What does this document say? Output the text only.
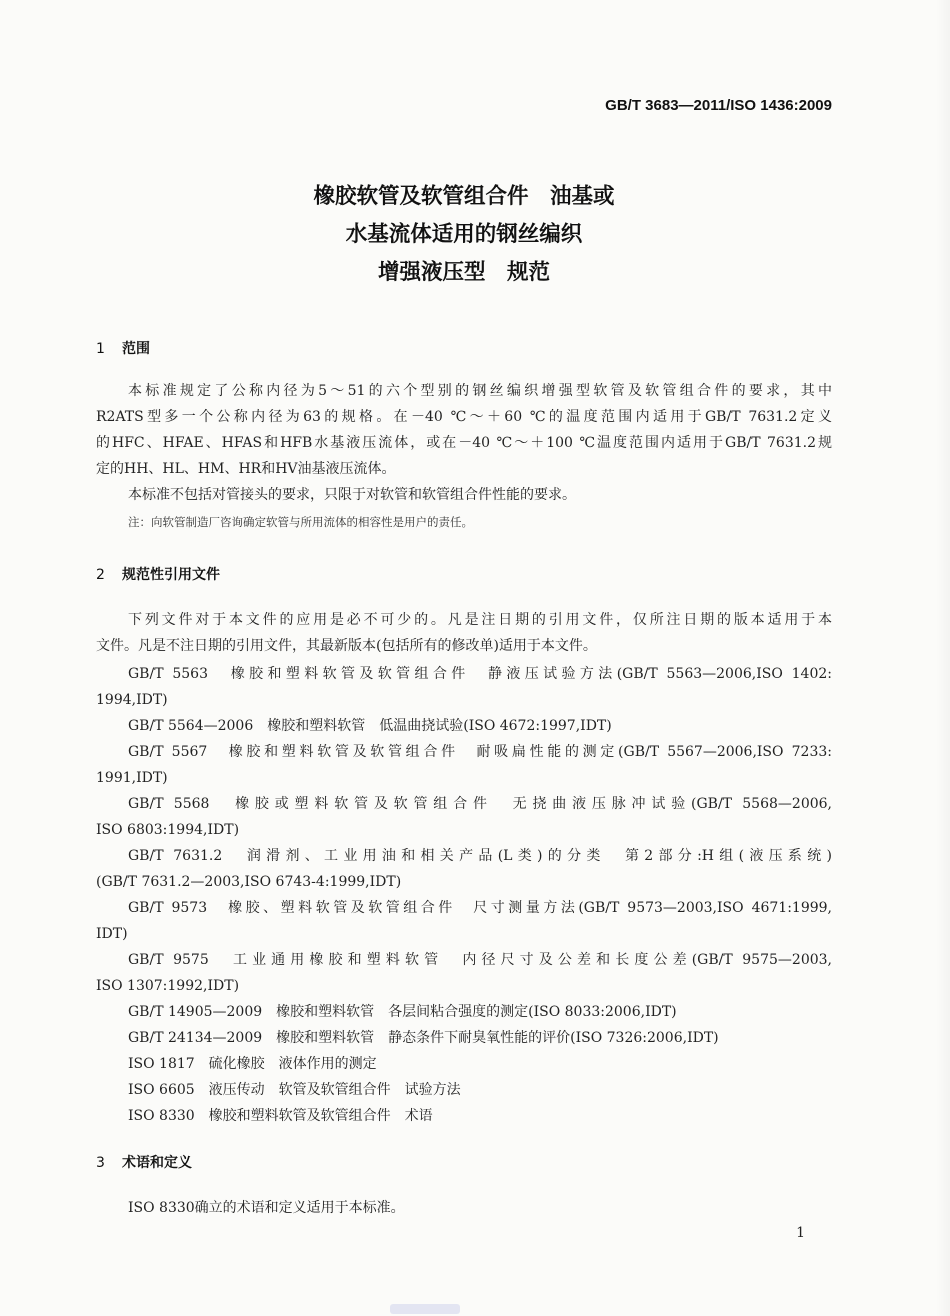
GB/T 3683—2011/ISO 1436:2009
橡胶软管及软管组合件　油基或
水基流体适用的钢丝编织
增强液压型　规范
1 范围
本标准规定了公称内径为5～51的六个型别的钢丝编织增强型软管及软管组合件的要求，其中
R2ATS型多一个公称内径为63的规格。在－40 ℃～＋60 ℃的温度范围内适用于GB/T 7631.2定义
的HFC、HFAE、HFAS和HFB水基液压流体，或在－40 ℃～＋100 ℃温度范围内适用于GB/T 7631.2规
定的HH、HL、HM、HR和HV油基液压流体。
本标准不包括对管接头的要求，只限于对软管和软管组合件性能的要求。
注：向软管制造厂咨询确定软管与所用流体的相容性是用户的责任。
2 规范性引用文件
下列文件对于本文件的应用是必不可少的。凡是注日期的引用文件，仅所注日期的版本适用于本
文件。凡是不注日期的引用文件，其最新版本(包括所有的修改单)适用于本文件。
GB/T 5563　橡胶和塑料软管及软管组合件　静液压试验方法(GB/T 5563—2006,ISO 1402:
1994,IDT)
GB/T 5564—2006　橡胶和塑料软管　低温曲挠试验(ISO 4672:1997,IDT)
GB/T 5567　橡胶和塑料软管及软管组合件　耐吸扁性能的测定(GB/T 5567—2006,ISO 7233:
1991,IDT)
GB/T 5568　橡胶或塑料软管及软管组合件　无挠曲液压脉冲试验(GB/T 5568—2006,
ISO 6803:1994,IDT)
GB/T 7631.2　润滑剂、工业用油和相关产品(L类)的分类　第2部分:H组(液压系统)
(GB/T 7631.2—2003,ISO 6743-4:1999,IDT)
GB/T 9573　橡胶、塑料软管及软管组合件　尺寸测量方法(GB/T 9573—2003,ISO 4671:1999,
IDT)
GB/T 9575　工业通用橡胶和塑料软管　内径尺寸及公差和长度公差(GB/T 9575—2003,
ISO 1307:1992,IDT)
GB/T 14905—2009　橡胶和塑料软管　各层间粘合强度的测定(ISO 8033:2006,IDT)
GB/T 24134—2009　橡胶和塑料软管　静态条件下耐臭氧性能的评价(ISO 7326:2006,IDT)
ISO 1817　硫化橡胶　液体作用的测定
ISO 6605　液压传动　软管及软管组合件　试验方法
ISO 8330　橡胶和塑料软管及软管组合件　术语
3 术语和定义
ISO 8330确立的术语和定义适用于本标准。
1
